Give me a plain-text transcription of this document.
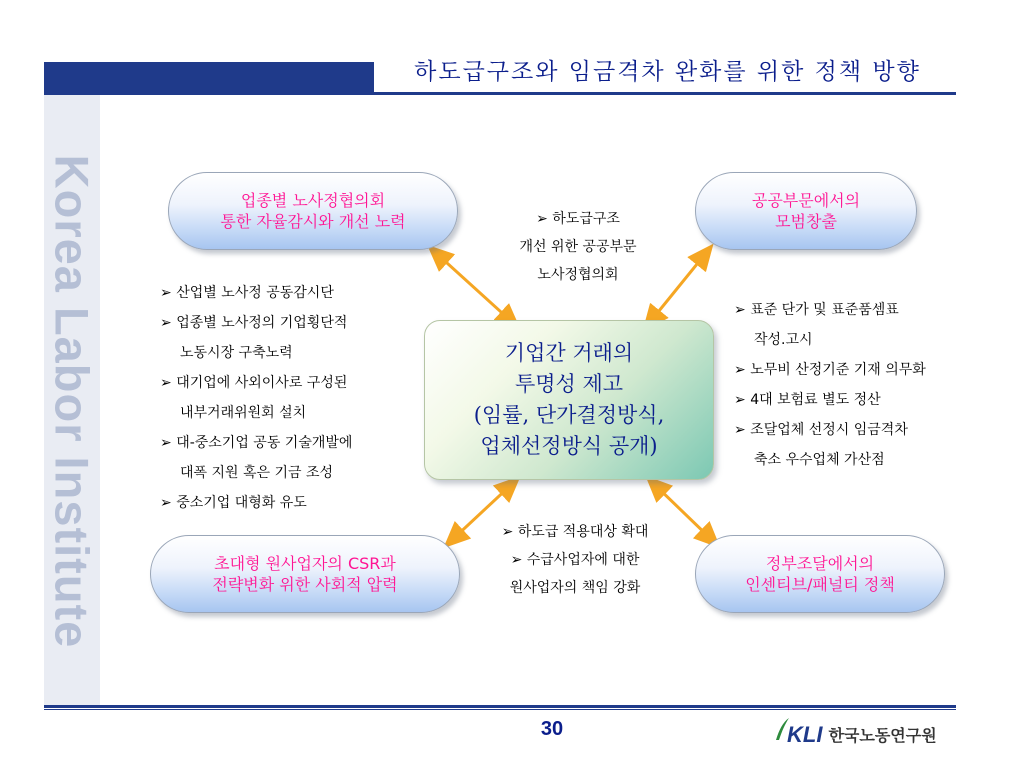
하도급구조와 임금격차 완화를 위한 정책 방향
Korea Labor Institute	업종별 노사정협의회
통한 자율감시와 개선 노력
공공부문에서의
모범창출
초대형 원사업자의 CSR과
전략변화 위한 사회적 압력
정부조달에서의
인센티브/패널티 정책
기업간 거래의
투명성 제고
(임률, 단가결정방식,
업체선정방식 공개)
➢ 하도급구조
개선 위한 공공부문
노사정협의회
➢ 하도급 적용대상 확대
➢ 수급사업자에 대한
원사업자의 책임 강화
➢ 산업별 노사정 공동감시단
➢ 업종별 노사정의 기업횡단적
노동시장 구축노력
➢ 대기업에 사외이사로 구성된
내부거래위원회 설치
➢ 대-중소기업 공동 기술개발에
대폭 지원 혹은 기금 조성
➢ 중소기업 대형화 유도
➢ 표준 단가 및 표준품셈표
작성.고시
➢ 노무비 산정기준 기재 의무화
➢ 4대 보험료 별도 정산
➢ 조달업체 선정시 임금격차
축소 우수업체 가산점
30	KLI 한국노동연구원
